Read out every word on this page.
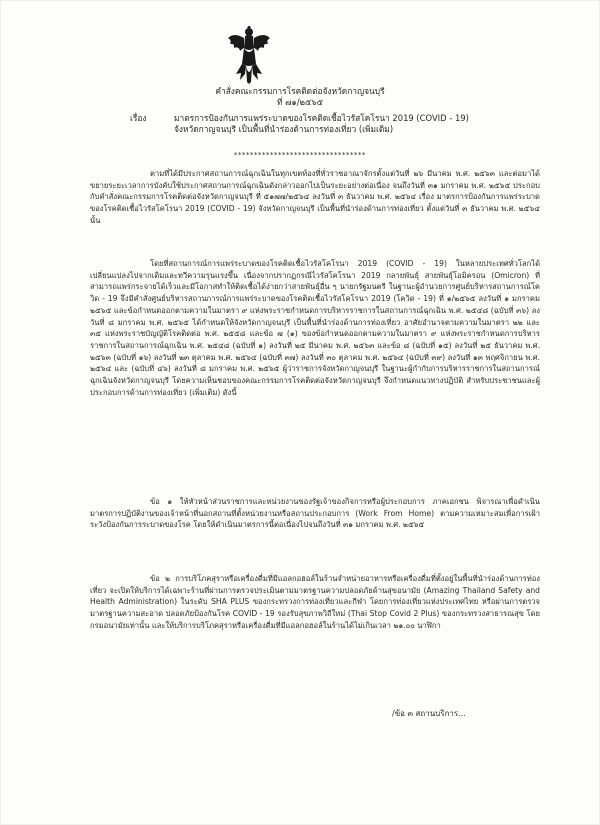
คำสั่งคณะกรรมการโรคติดต่อจังหวัดกาญจนบุรี
ที่ ๗๑/๒๕๖๕
เรื่อง	มาตรการป้องกันการแพร่ระบาดของโรคติดเชื้อไวรัสโคโรนา 2019 (COVID - 19)
จังหวัดกาญจนบุรี เป็นพื้นที่นำร่องด้านการท่องเที่ยว (เพิ่มเติม)
*********************************

ตามที่ได้มีประกาศสถานการณ์ฉุกเฉินในทุกเขตท้องที่ทั่วราชอาณาจักรตั้งแต่วันที่ ๒๖ มีนาคม พ.ศ. ๒๕๖๓ และต่อมาได้ขยายระยะเวลาการบังคับใช้ประกาศสถานการณ์ฉุกเฉินดังกล่าวออกไปเป็นระยะอย่างต่อเนื่อง จนถึงวันที่ ๓๑ มกราคม พ.ศ. ๒๕๖๕ ประกอบกับคำสั่งคณะกรรมการโรคติดต่อจังหวัดกาญจนบุรี ที่ ๕๑๗๗/๒๕๖๔ ลงวันที่ ๓ ธันวาคม พ.ศ. ๒๕๖๔ เรื่อง มาตรการป้องกันการแพร่ระบาดของโรคติดเชื้อไวรัสโคโรนา 2019 (COVID - 19) จังหวัดกาญจนบุรี เป็นพื้นที่นำร่องด้านการท่องเที่ยว ตั้งแต่วันที่ ๓ ธันวาคม พ.ศ. ๒๕๖๔ นั้น

โดยที่สถานการณ์การแพร่ระบาดของโรคติดเชื้อไวรัสโคโรนา 2019 (COVID - 19) ในหลายประเทศทั่วโลกได้เปลี่ยนแปลงไปจากเดิมและทวีความรุนแรงขึ้น เนื่องจากปรากฏกรณีไวรัสโคโรนา 2019 กลายพันธุ์ สายพันธุ์โอมิครอน (Omicron) ที่สามารถแพร่กระจายได้เร็วและมีโอกาสทำให้ติดเชื้อได้ง่ายกว่าสายพันธุ์อื่น ๆ นายกรัฐมนตรี ในฐานะผู้อำนวยการศูนย์บริหารสถานการณ์โควิด - 19 จึงมีคำสั่งศูนย์บริหารสถานการณ์การแพร่ระบาดของโรคติดเชื้อไวรัสโคโรนา 2019 (โควิด - 19) ที่ ๑/๒๕๖๕ ลงวันที่ ๑ มกราคม ๒๕๖๕ และข้อกำหนดออกตามความในมาตรา ๙ แห่งพระราชกำหนดการบริหารราชการในสถานการณ์ฉุกเฉิน พ.ศ. ๒๕๔๘ (ฉบับที่ ๓๖) ลงวันที่ ๘ มกราคม พ.ศ. ๒๕๖๕ ได้กำหนดให้จังหวัดกาญจนบุรี เป็นพื้นที่นำร่องด้านการท่องเที่ยว อาศัยอำนาจตามความในมาตรา ๒๒ และ ๓๕ แห่งพระราชบัญญัติโรคติดต่อ พ.ศ. ๒๕๕๘ และข้อ ๗ (๑) ของข้อกำหนดออกตามความในมาตรา ๙ แห่งพระราชกำหนดการบริหารราชการในสถานการณ์ฉุกเฉิน พ.ศ. ๒๕๔๘ (ฉบับที่ ๑) ลงวันที่ ๒๕ มีนาคม พ.ศ. ๒๕๖๓ และข้อ ๘ (ฉบับที่ ๑๕) ลงวันที่ ๒๕ ธันวาคม พ.ศ. ๒๕๖๓ (ฉบับที่ ๑๖) ลงวันที่ ๒๓ ตุลาคม พ.ศ. ๒๕๖๔ (ฉบับที่ ๓๗) ลงวันที่ ๓๐ ตุลาคม พ.ศ. ๒๕๖๔ (ฉบับที่ ๓๙) ลงวันที่ ๑๓ พฤศจิกายน พ.ศ. ๒๕๖๔ และ (ฉบับที่ ๔๖) ลงวันที่ ๘ มกราคม พ.ศ. ๒๕๖๕ ผู้ว่าราชการจังหวัดกาญจนบุรี ในฐานะผู้กำกับการบริหารราชการในสถานการณ์ฉุกเฉินจังหวัดกาญจนบุรี โดยความเห็นชอบของคณะกรรมการโรคติดต่อจังหวัดกาญจนบุรี จึงกำหนดแนวทางปฏิบัติ สำหรับประชาชนและผู้ประกอบการด้านการท่องเที่ยว (เพิ่มเติม) ดังนี้

ข้อ ๑ ให้หัวหน้าส่วนราชการและหน่วยงานของรัฐเจ้าของกิจการหรือผู้ประกอบการ ภาคเอกชน พิจารณาเพื่อดำเนินมาตรการปฏิบัติงานของเจ้าหน้าที่นอกสถานที่ตั้งหน่วยงานหรือสถานประกอบการ (Work From Home) ตามความเหมาะสมเพื่อการเฝ้าระวังป้องกันการระบาดของโรค โดยให้ดำเนินมาตรการนี้ต่อเนื่องไปจนถึงวันที่ ๓๑ มกราคม พ.ศ. ๒๕๖๕

ข้อ ๒ การบริโภคสุราหรือเครื่องดื่มที่มีแอลกอฮอล์ในร้านจำหน่ายอาหารหรือเครื่องดื่มที่ตั้งอยู่ในพื้นที่นำร่องด้านการท่องเที่ยว จะเปิดให้บริการได้เฉพาะร้านที่ผ่านการตรวจประเมินตามมาตรฐานความปลอดภัยด้านสุขอนามัย (Amazing Thailand Safety and Health Administration) ในระดับ SHA PLUS ของกระทรวงการท่องเที่ยวและกีฬา โดยการท่องเที่ยวแห่งประเทศไทย หรือผ่านการตรวจมาตรฐานความสะอาด ปลอดภัยป้องกันโรค COVID - 19 รองรับสุขภาพวิถีใหม่ (Thai Stop Covid 2 Plus) ของกระทรวงสาธารณสุข โดยกรมอนามัยเท่านั้น และให้บริการบริโภคสุราหรือเครื่องดื่มที่มีแอลกอฮอล์ในร้านได้ไม่เกินเวลา ๒๑.๐๐ นาฬิกา

/ข้อ ๓ สถานบริการ...
